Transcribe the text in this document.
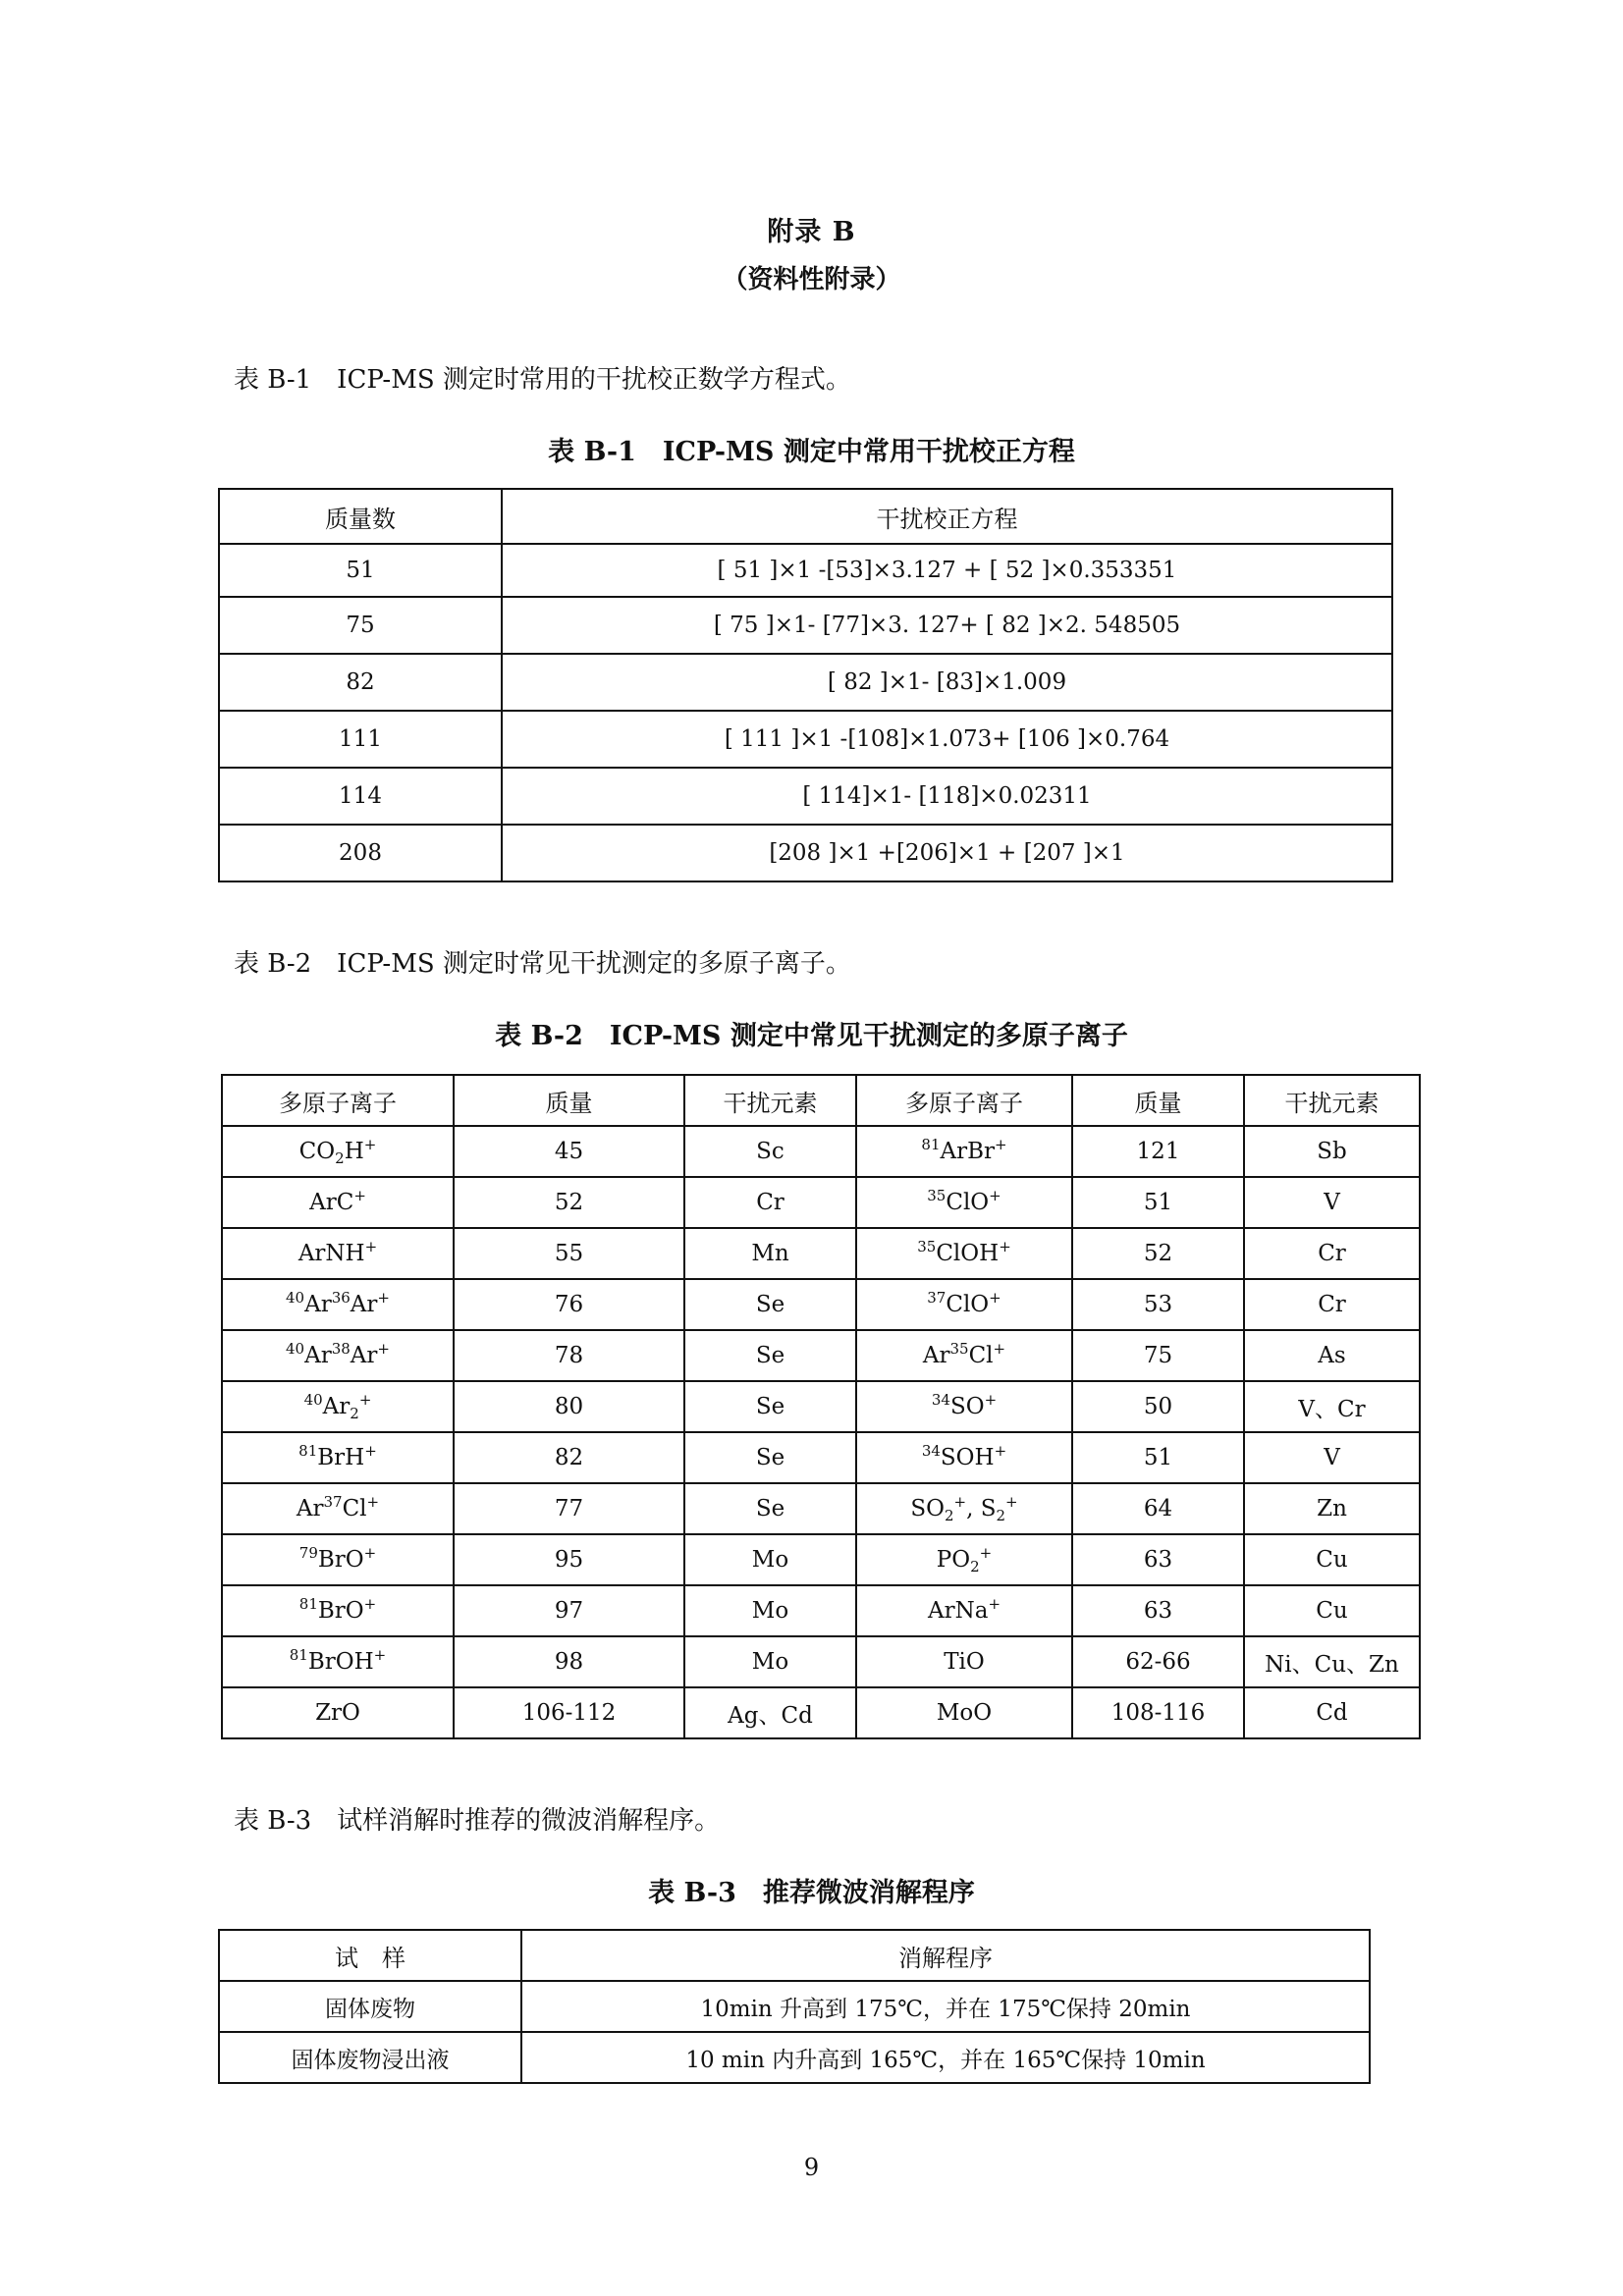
附录 B
（资料性附录）
表 B-1　ICP-MS 测定时常用的干扰校正数学方程式。
表 B-1　ICP-MS 测定中常用干扰校正方程
质量数	干扰校正方程
51	[ 51 ]×1 -[53]×3.127 + [ 52 ]×0.353351
75	[ 75 ]×1- [77]×3. 127+ [ 82 ]×2. 548505
82	[ 82 ]×1- [83]×1.009
111	[ 111 ]×1 -[108]×1.073+ [106 ]×0.764
114	[ 114]×1- [118]×0.02311
208	[208 ]×1 +[206]×1 + [207 ]×1
表 B-2　ICP-MS 测定时常见干扰测定的多原子离子。
表 B-2　ICP-MS 测定中常见干扰测定的多原子离子
多原子离子	质量	干扰元素	多原子离子	质量	干扰元素
$CO_2H^+$	45	Sc	$^{81}$ArBr+	121	Sb
ArC+	52	Cr	$^{35}$ClO+	51	V
ArNH+	55	Mn	$^{35}$ClOH+	52	Cr
$^{40}$Ar$^{36}$Ar+	76	Se	$^{37}$ClO+	53	Cr
$^{40}$Ar$^{38}$Ar+	78	Se	Ar$^{35}$Cl+	75	As
$^{40}Ar_2^+$	80	Se	$^{34}$SO+	50	V、Cr
$^{81}$BrH+	82	Se	$^{34}$SOH+	51	V
Ar$^{37}$Cl+	77	Se	$SO_2^+$, $S_2^+$	64	Zn
$^{79}$BrO+	95	Mo	$PO_2^+$	63	Cu
$^{81}$BrO+	97	Mo	ArNa+	63	Cu
$^{81}$BrOH+	98	Mo	TiO	62-66	Ni、Cu、Zn
ZrO	106-112	Ag、Cd	MoO	108-116	Cd
表 B-3　试样消解时推荐的微波消解程序。
表 B-3　推荐微波消解程序
试　样	消解程序
固体废物	10min 升高到 175℃，并在 175℃保持 20min
固体废物浸出液	10 min 内升高到 165℃，并在 165℃保持 10min
9
